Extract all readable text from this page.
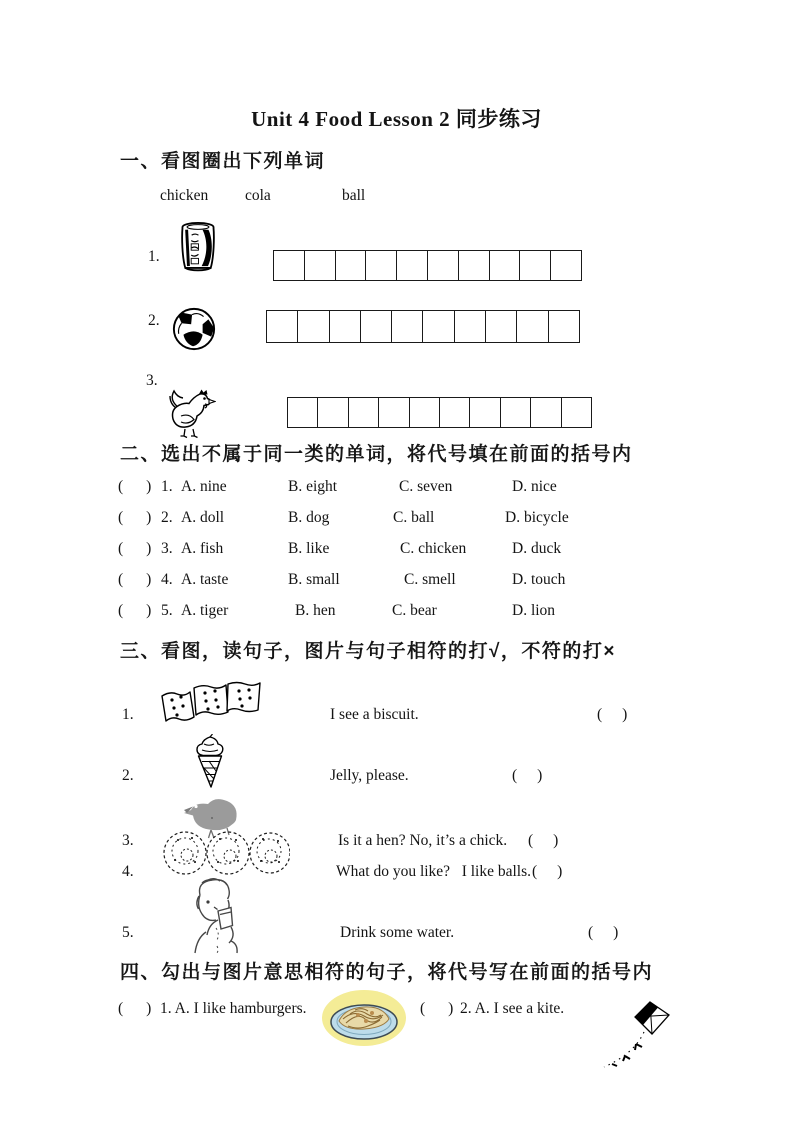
Unit 4 Food Lesson 2 同步练习
一、看图圈出下列单词
chicken cola	ball
1.
2.
3.
二、选出不属于同一类的单词，将代号填在前面的括号内
( ) 1. A. nine	B. eight	C. seven	D. nice
( ) 2. A. doll	B. dog	C. ball	D. bicycle
( ) 3. A. fish	B. like	C. chicken	D. duck
( ) 4. A. taste	B. small	C. smell	D. touch
( ) 5. A. tiger	B. hen	C. bear	D. lion
三、看图，读句子，图片与句子相符的打√，不符的打×
1.	I see a biscuit.	( )
2.	Jelly, please.	( )
3.	Is it a hen? No, it’s a chick. ( )
4.	What do you like?   I like balls. ( )
5.	Drink some water.	( )
四、勾出与图片意思相符的句子，将代号写在前面的括号内
( ) 1. A. I like hamburgers.	( ) 2. A. I see a kite.
